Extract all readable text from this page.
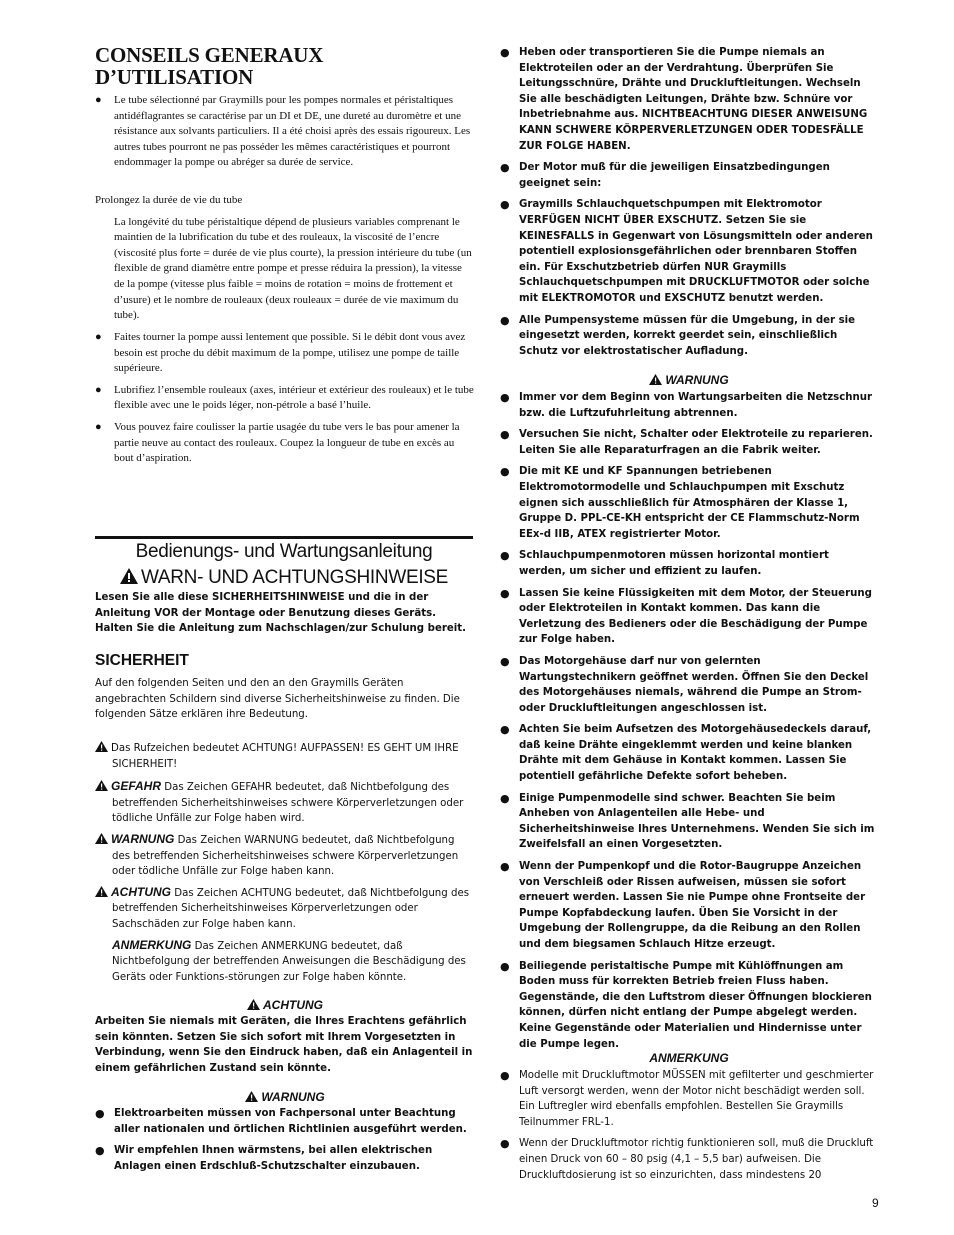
CONSEILS GENERAUX
D’UTILISATION
● Le tube sélectionné par Graymills pour les pompes normales et péristaltiques antidéflagrantes se caractérise par un DI et DE, une dureté au duromètre et une résistance aux solvants particuliers. Il a été choisi après des essais rigoureux. Les autres tubes pourront ne pas posséder les mêmes caractéristiques et pourront endommager la pompe ou abréger sa durée de service.
Prolongez la durée de vie du tube
La longévité du tube péristaltique dépend de plusieurs variables comprenant le maintien de la lubrification du tube et des rouleaux, la viscosité de l’encre (viscosité plus forte = durée de vie plus courte), la pression intérieure du tube (un flexible de grand diamètre entre pompe et presse réduira la pression), la vitesse de la pompe (vitesse plus faible = moins de rotation = moins de frottement et d’usure) et le nombre de rouleaux (deux rouleaux = durée de vie maximum du tube).
● Faites tourner la pompe aussi lentement que possible. Si le débit dont vous avez besoin est proche du débit maximum de la pompe, utilisez une pompe de taille supérieure.
● Lubrifiez l’ensemble rouleaux (axes, intérieur et extérieur des rouleaux) et le tube flexible avec une le poids léger, non-pétrole a basé l’huile.
● Vous pouvez faire coulisser la partie usagée du tube vers le bas pour amener la partie neuve au contact des rouleaux. Coupez la longueur de tube en excès au bout d’aspiration.
Bedienungs- und Wartungsanleitung
WARN- UND ACHTUNGSHINWEISE
Lesen Sie alle diese SICHERHEITSHINWEISE und die in der Anleitung VOR der Montage oder Benutzung dieses Geräts. Halten Sie die Anleitung zum Nachschlagen/zur Schulung bereit.
SICHERHEIT
Auf den folgenden Seiten und den an den Graymills Geräten angebrachten Schildern sind diverse Sicherheitshinweise zu finden. Die folgenden Sätze erklären ihre Bedeutung.
Das Rufzeichen bedeutet ACHTUNG! AUFPASSEN! ES GEHT UM IHRE SICHERHEIT!
GEFAHR Das Zeichen GEFAHR bedeutet, daß Nichtbefolgung des betreffenden Sicherheitshinweises schwere Körperverletzungen oder tödliche Unfälle zur Folge haben wird.
WARNUNG Das Zeichen WARNUNG bedeutet, daß Nichtbefolgung des betreffenden Sicherheitshinweises schwere Körperverletzungen oder tödliche Unfälle zur Folge haben kann.
ACHTUNG Das Zeichen ACHTUNG bedeutet, daß Nichtbefolgung des betreffenden Sicherheitshinweises Körperverletzungen oder Sachschäden zur Folge haben kann.
ANMERKUNG Das Zeichen ANMERKUNG bedeutet, daß Nichtbefolgung der betreffenden Anweisungen die Beschädigung des Geräts oder Funktions-störungen zur Folge haben könnte.
ACHTUNG
Arbeiten Sie niemals mit Geräten, die Ihres Erachtens gefährlich sein könnten. Setzen Sie sich sofort mit Ihrem Vorgesetzten in Verbindung, wenn Sie den Eindruck haben, daß ein Anlagenteil in einem gefährlichen Zustand sein könnte.
WARNUNG
● Elektroarbeiten müssen von Fachpersonal unter Beachtung aller nationalen und örtlichen Richtlinien ausgeführt werden.
● Wir empfehlen Ihnen wärmstens, bei allen elektrischen Anlagen einen Erdschluß-Schutzschalter einzubauen.
● Heben oder transportieren Sie die Pumpe niemals an Elektroteilen oder an der Verdrahtung. Überprüfen Sie Leitungsschnüre, Drähte und Druckluftleitungen. Wechseln Sie alle beschädigten Leitungen, Drähte bzw. Schnüre vor Inbetriebnahme aus. NICHTBEACHTUNG DIESER ANWEISUNG KANN SCHWERE KÖRPERVERLETZUNGEN ODER TODESFÄLLE ZUR FOLGE HABEN.
● Der Motor muß für die jeweiligen Einsatzbedingungen geeignet sein:
● Graymills Schlauchquetschpumpen mit Elektromotor VERFÜGEN NICHT ÜBER EXSCHUTZ. Setzen Sie sie KEINESFALLS in Gegenwart von Lösungsmitteln oder anderen potentiell explosionsgefährlichen oder brennbaren Stoffen ein. Für Exschutzbetrieb dürfen NUR Graymills Schlauchquetschpumpen mit DRUCKLUFTMOTOR oder solche mit ELEKTROMOTOR und EXSCHUTZ benutzt werden.
● Alle Pumpensysteme müssen für die Umgebung, in der sie eingesetzt werden, korrekt geerdet sein, einschließlich Schutz vor elektrostatischer Aufladung.
WARNUNG
● Immer vor dem Beginn von Wartungsarbeiten die Netzschnur bzw. die Luftzufuhrleitung abtrennen.
● Versuchen Sie nicht, Schalter oder Elektroteile zu reparieren. Leiten Sie alle Reparaturfragen an die Fabrik weiter.
● Die mit KE und KF Spannungen betriebenen Elektromotormodelle und Schlauchpumpen mit Exschutz eignen sich ausschließlich für Atmosphären der Klasse 1, Gruppe D. PPL-CE-KH entspricht der CE Flammschutz-Norm EEx-d IIB, ATEX registrierter Motor.
● Schlauchpumpenmotoren müssen horizontal montiert werden, um sicher und effizient zu laufen.
● Lassen Sie keine Flüssigkeiten mit dem Motor, der Steuerung oder Elektroteilen in Kontakt kommen. Das kann die Verletzung des Bedieners oder die Beschädigung der Pumpe zur Folge haben.
● Das Motorgehäuse darf nur von gelernten Wartungstechnikern geöffnet werden. Öffnen Sie den Deckel des Motorgehäuses niemals, während die Pumpe an Strom- oder Druckluftleitungen angeschlossen ist.
● Achten Sie beim Aufsetzen des Motorgehäusedeckels darauf, daß keine Drähte eingeklemmt werden und keine blanken Drähte mit dem Gehäuse in Kontakt kommen. Lassen Sie potentiell gefährliche Defekte sofort beheben.
● Einige Pumpenmodelle sind schwer. Beachten Sie beim Anheben von Anlagenteilen alle Hebe- und Sicherheitshinweise Ihres Unternehmens. Wenden Sie sich im Zweifelsfall an einen Vorgesetzten.
● Wenn der Pumpenkopf und die Rotor-Baugruppe Anzeichen von Verschleiß oder Rissen aufweisen, müssen sie sofort erneuert werden. Lassen Sie nie Pumpe ohne Frontseite der Pumpe Kopfabdeckung laufen. Üben Sie Vorsicht in der Umgebung der Rollengruppe, da die Reibung an den Rollen und dem biegsamen Schlauch Hitze erzeugt.
● Beiliegende peristaltische Pumpe mit Kühlöffnungen am Boden muss für korrekten Betrieb freien Fluss haben. Gegenstände, die den Luftstrom dieser Öffnungen blockieren können, dürfen nicht entlang der Pumpe abgelegt werden. Keine Gegenstände oder Materialien und Hindernisse unter die Pumpe legen.
ANMERKUNG
● Modelle mit Druckluftmotor MÜSSEN mit gefilterter und geschmierter Luft versorgt werden, wenn der Motor nicht beschädigt werden soll. Ein Luftregler wird ebenfalls empfohlen. Bestellen Sie Graymills Teilnummer FRL-1.
● Wenn der Druckluftmotor richtig funktionieren soll, muß die Druckluft einen Druck von 60 – 80 psig (4,1 – 5,5 bar) aufweisen. Die Druckluftdosierung ist so einzurichten, dass mindestens 20
9
